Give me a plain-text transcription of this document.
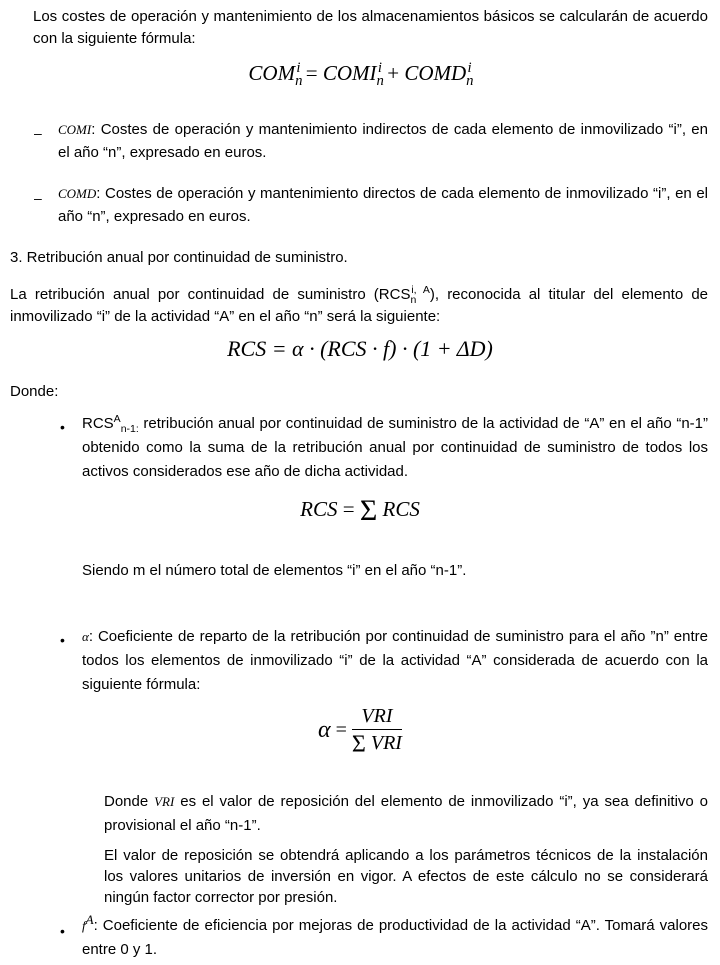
Los costes de operación y mantenimiento de los almacenamientos básicos se calcularán de acuerdo con la siguiente fórmula:
$COM_n^i$ = $COMI_n^i$ + $COMD_n^i$
– COMI: Costes de operación y mantenimiento indirectos de cada elemento de inmovilizado “i”, en el año “n”, expresado en euros.
– COMD: Costes de operación y mantenimiento directos de cada elemento de inmovilizado “i”, en el año “n”, expresado en euros.
3. Retribución anual por continuidad de suministro.
La retribución anual por continuidad de suministro $(RCS_n^{i, A})$, reconocida al titular del elemento de inmovilizado “i” de la actividad “A” en el año “n” será la siguiente:
RCS = α · (RCS · f) · (1 + ΔD)
Donde:
• $RCS^A_{n-1:}$ retribución anual por continuidad de suministro de la actividad de “A” en el año “n-1” obtenido como la suma de la retribución anual por continuidad de suministro de todos los activos considerados ese año de dicha actividad.
RCS = Σ RCS
Siendo m el número total de elementos “i” en el año “n-1”.
• α: Coeficiente de reparto de la retribución por continuidad de suministro para el año ”n” entre todos los elementos de inmovilizado “i” de la actividad “A” considerada de acuerdo con la siguiente fórmula:
$\alpha = \frac{\text{VRI}}{\text{Σ VRI}}$
Donde VRI es el valor de reposición del elemento de inmovilizado “i”, ya sea definitivo o provisional el año “n-1”.
El valor de reposición se obtendrá aplicando a los parámetros técnicos de la instalación los valores unitarios de inversión en vigor. A efectos de este cálculo no se considerará ningún factor corrector por presión.
• $f^A$: Coeficiente de eficiencia por mejoras de productividad de la actividad “A”. Tomará valores entre 0 y 1.
